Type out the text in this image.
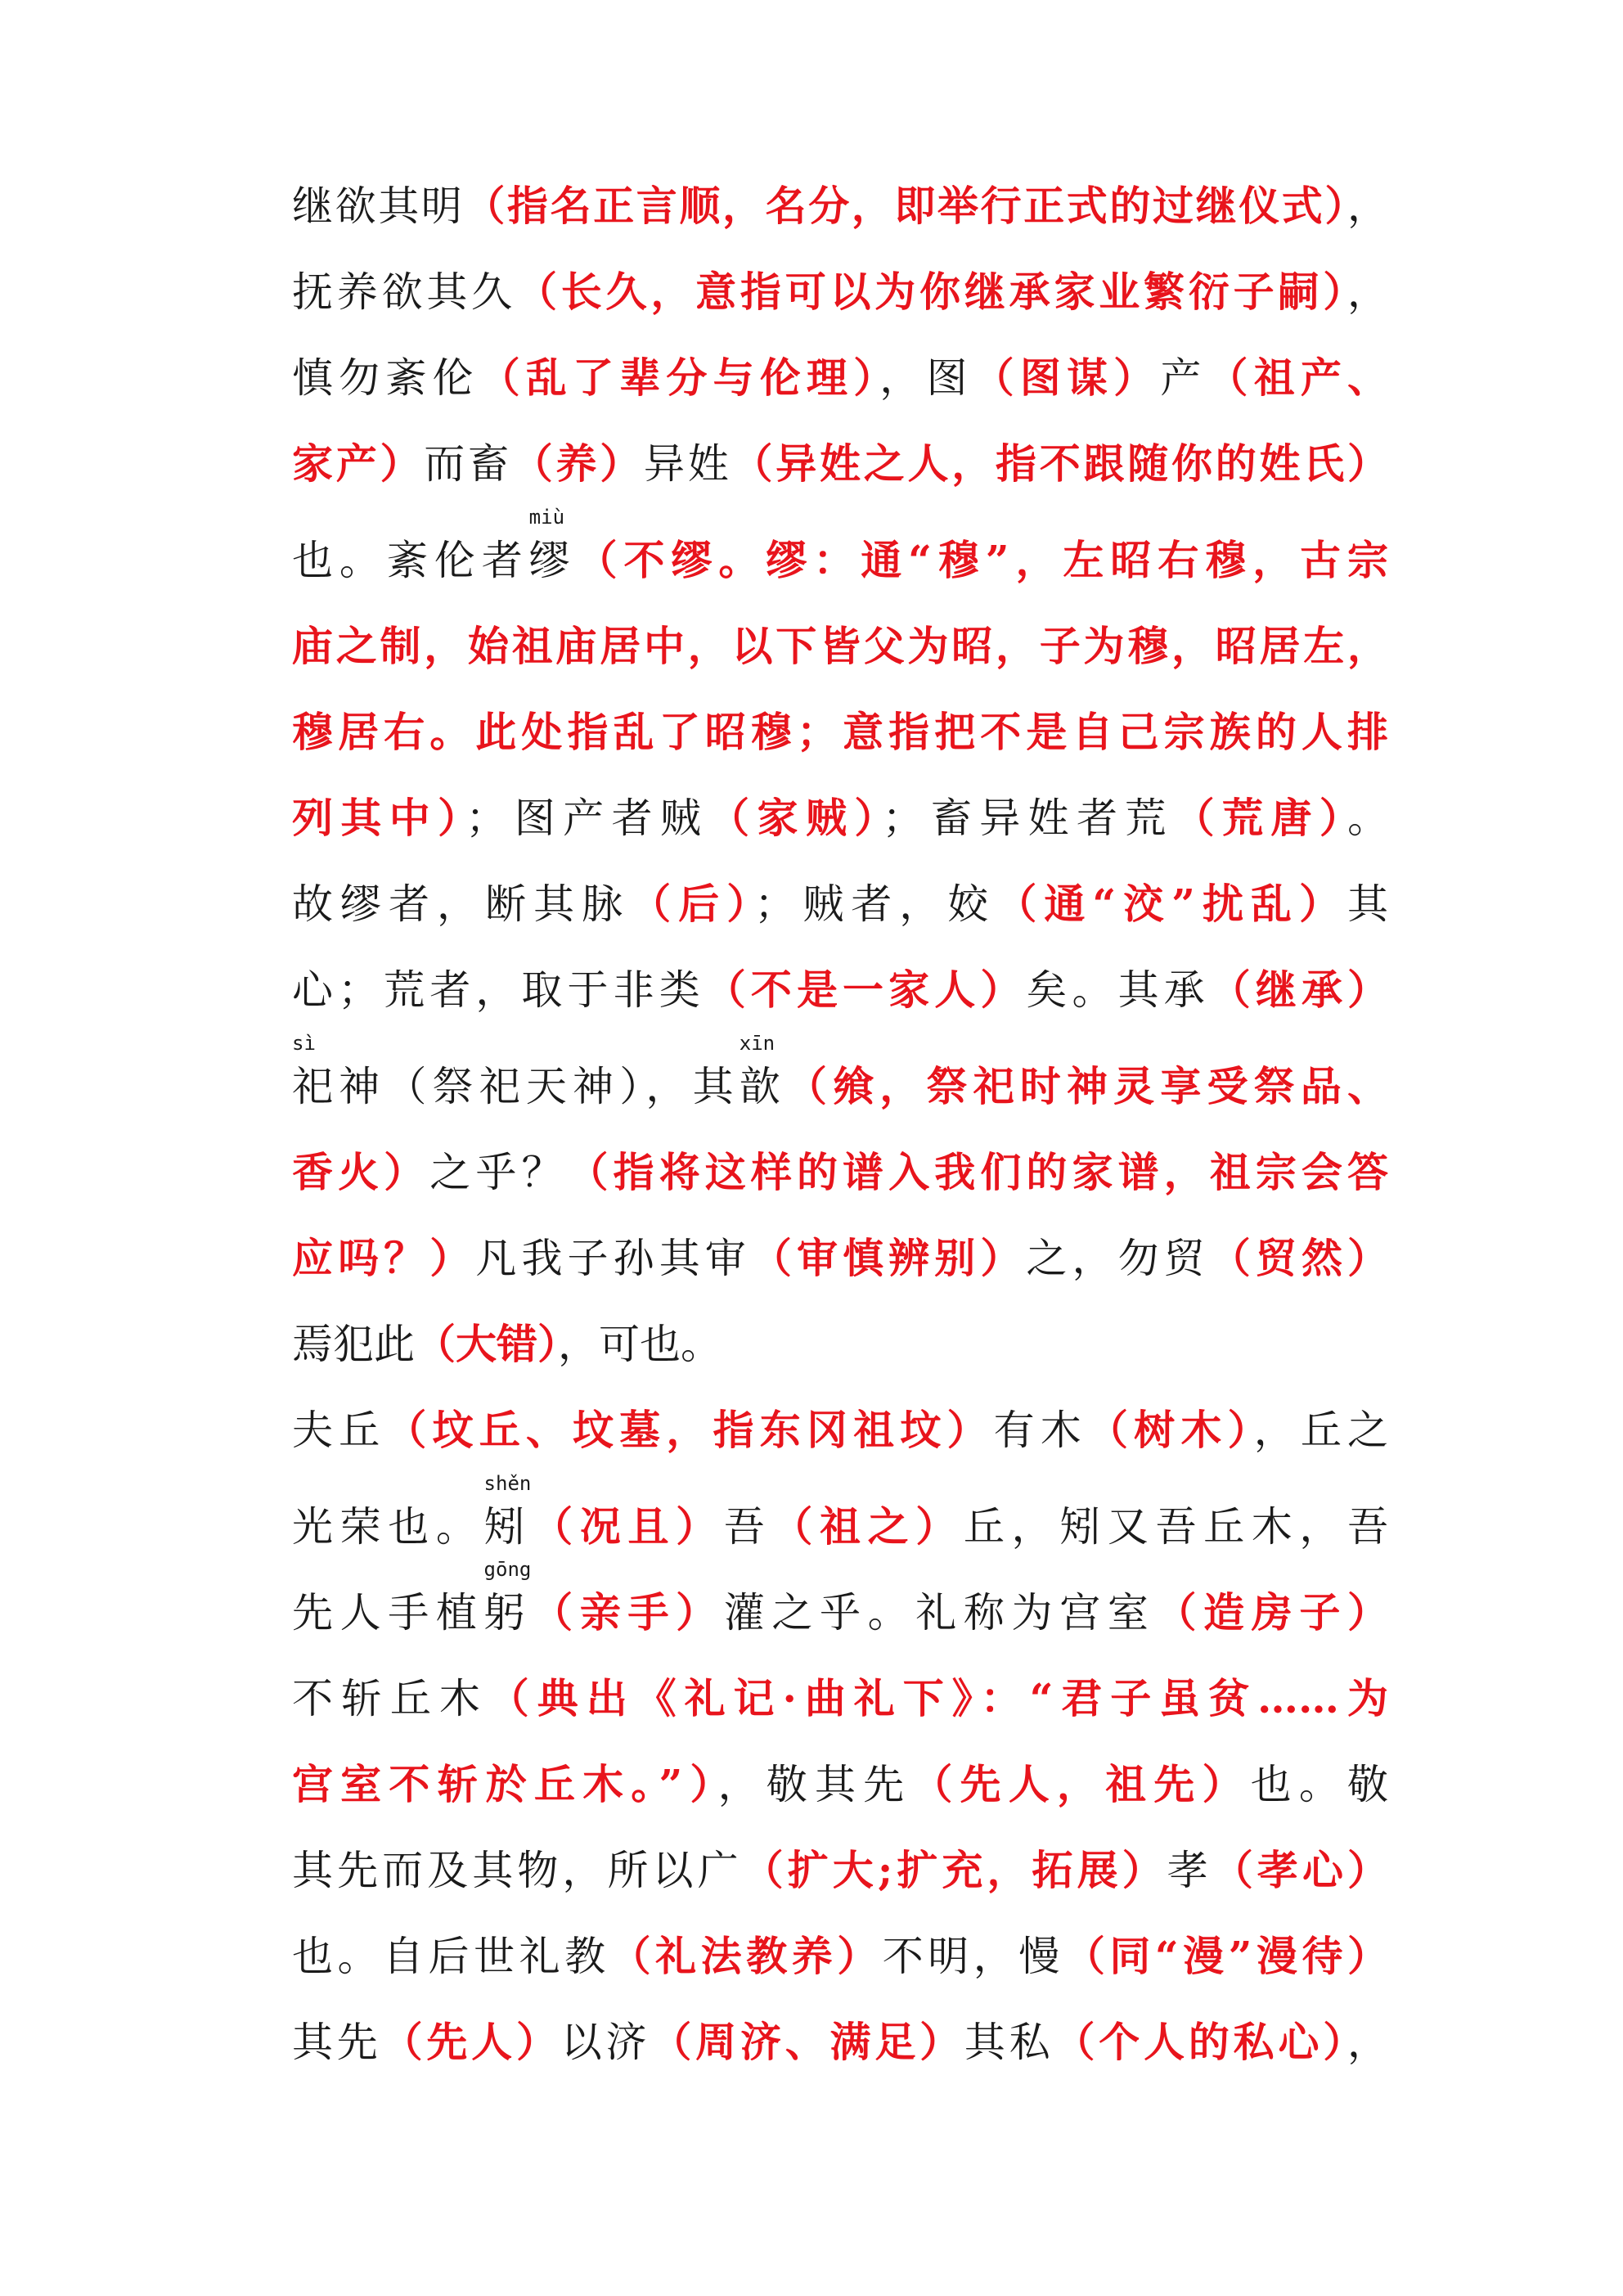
继欲其明（指名正言顺，名分，即举行正式的过继仪式），
抚养欲其久（长久，意指可以为你继承家业繁衍子嗣），
慎勿紊伦（乱了辈分与伦理），图（图谋）产（祖产、
家产）而畜（养）异姓（异姓之人，指不跟随你的姓氏）
也。紊伦者缪
miù
（不缪。缪：通“穆”，左昭右穆，古宗
庙之制，始祖庙居中，以下皆父为昭，子为穆，昭居左，
穆居右。此处指乱了昭穆；意指把不是自己宗族的人排
列其中）；图产者贼（家贼）；畜异姓者荒（荒唐）。
故缪者，断其脉（后）；贼者，姣（通“洨”扰乱）其
心；荒者，取于非类（不是一家人）矣。其承（继承）
祀
sì
神（祭祀天神），其歆
xīn
（飨，祭祀时神灵享受祭品、
香火）之乎？（指将这样的谱入我们的家谱，祖宗会答
应吗？）凡我子孙其审（审慎辨别）之，勿贸（贸然）
焉犯此（大错），可也。
夫丘（坟丘、坟墓，指东冈祖坟）有木（树木），丘之
光荣也。矧
shěn
（况且）吾（祖之）丘，矧又吾丘木，吾
先人手植躬
gōng
（亲手）灌之乎。礼称为宫室（造房子）
不斩丘木（典出《礼记·曲礼下》：“君子虽贫……为
宫室不斩於丘木。”），敬其先（先人，祖先）也。敬
其先而及其物，所以广（扩大;扩充，拓展）孝（孝心）
也。自后世礼教（礼法教养）不明，慢（同“漫”漫待）
其先（先人）以济（周济、满足）其私（个人的私心），
